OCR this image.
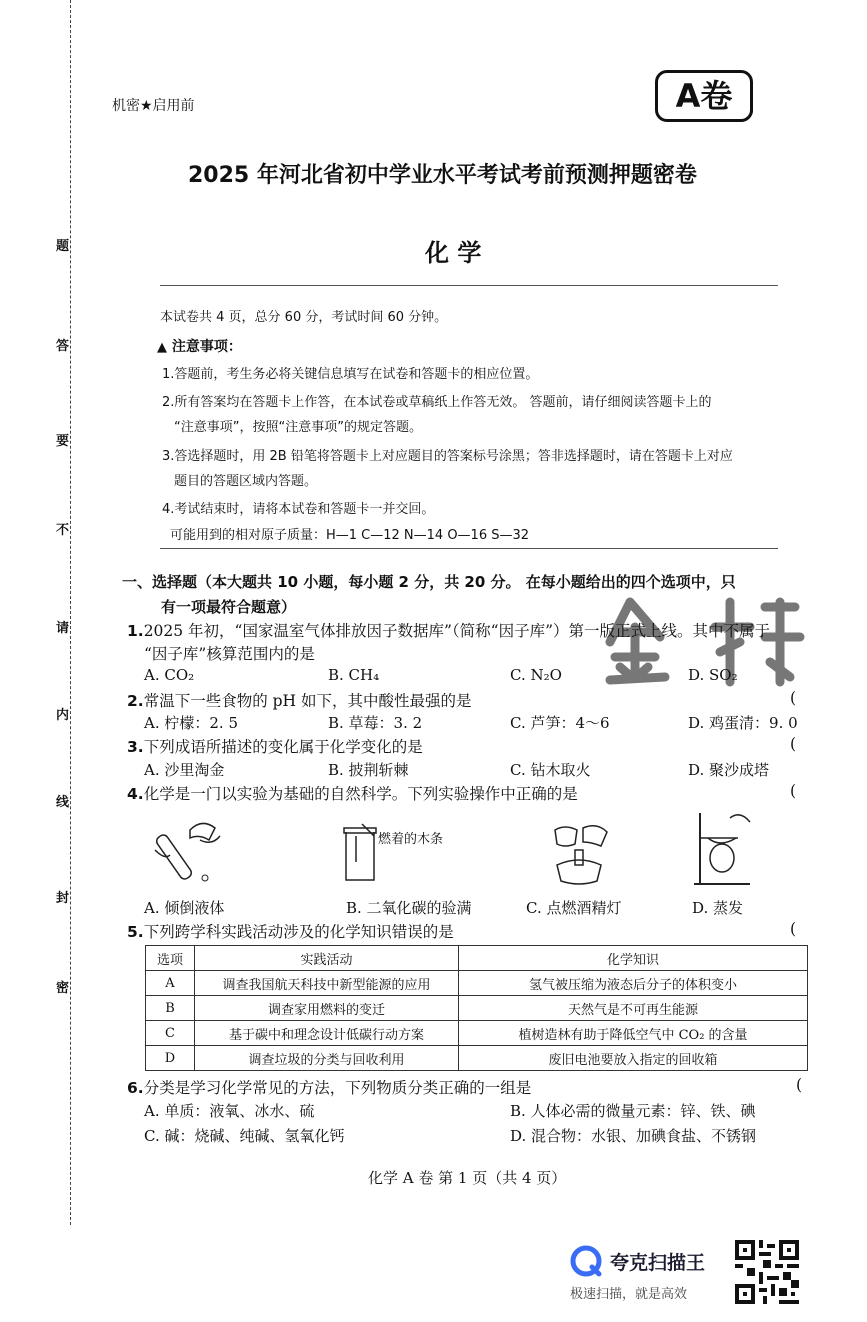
题
答
要
不
请
内
线
封
密
机密★启用前	A卷
2025 年河北省初中学业水平考试考前预测押题密卷
化 学
本试卷共 4 页，总分 60 分，考试时间 60 分钟。
▲ 注意事项：
1.答题前，考生务必将关键信息填写在试卷和答题卡的相应位置。
2.所有答案均在答题卡上作答，在本试卷或草稿纸上作答无效。 答题前，请仔细阅读答题卡上的
“注意事项”，按照“注意事项”的规定答题。
3.答选择题时，用 2B 铅笔将答题卡上对应题目的答案标号涂黑；答非选择题时，请在答题卡上对应
题目的答题区域内答题。
4.考试结束时，请将本试卷和答题卡一并交回。
可能用到的相对原子质量：H—1 C—12 N—14 O—16 S—32
一、选择题（本大题共 10 小题，每小题 2 分，共 20 分。 在每小题给出的四个选项中，只
有一项最符合题意）
1.2025 年初，“国家温室气体排放因子数据库”（简称“因子库”）第一版正式上线。其中不属于
“因子库”核算范围内的是
A. CO₂	B. CH₄	C. N₂O	D. SO₂
2.常温下一些食物的 pH 如下，其中酸性最强的是	(
A. 柠檬：2. 5	B. 草莓：3. 2	C. 芦笋：4～6	D. 鸡蛋清：9. 0
3.下列成语所描述的变化属于化学变化的是	(
A. 沙里淘金	B. 披荆斩棘	C. 钻木取火	D. 聚沙成塔
4.化学是一门以实验为基础的自然科学。下列实验操作中正确的是	(
燃着的木条
A. 倾倒液体	B. 二氧化碳的验满	C. 点燃酒精灯	D. 蒸发
5.下列跨学科实践活动涉及的化学知识错误的是	(
选项	实践活动	化学知识
A	调查我国航天科技中新型能源的应用	氢气被压缩为液态后分子的体积变小
B	调查家用燃料的变迁	天然气是不可再生能源
C	基于碳中和理念设计低碳行动方案	植树造林有助于降低空气中 CO₂ 的含量
D	调查垃圾的分类与回收利用	废旧电池要放入指定的回收箱
6.分类是学习化学常见的方法，下列物质分类正确的一组是	(
A. 单质：液氧、冰水、硫	B. 人体必需的微量元素：锌、铁、碘
C. 碱：烧碱、纯碱、氢氧化钙	D. 混合物：水银、加碘食盐、不锈钢
化学 A 卷 第 1 页（共 4 页）
夸克扫描王
极速扫描，就是高效
